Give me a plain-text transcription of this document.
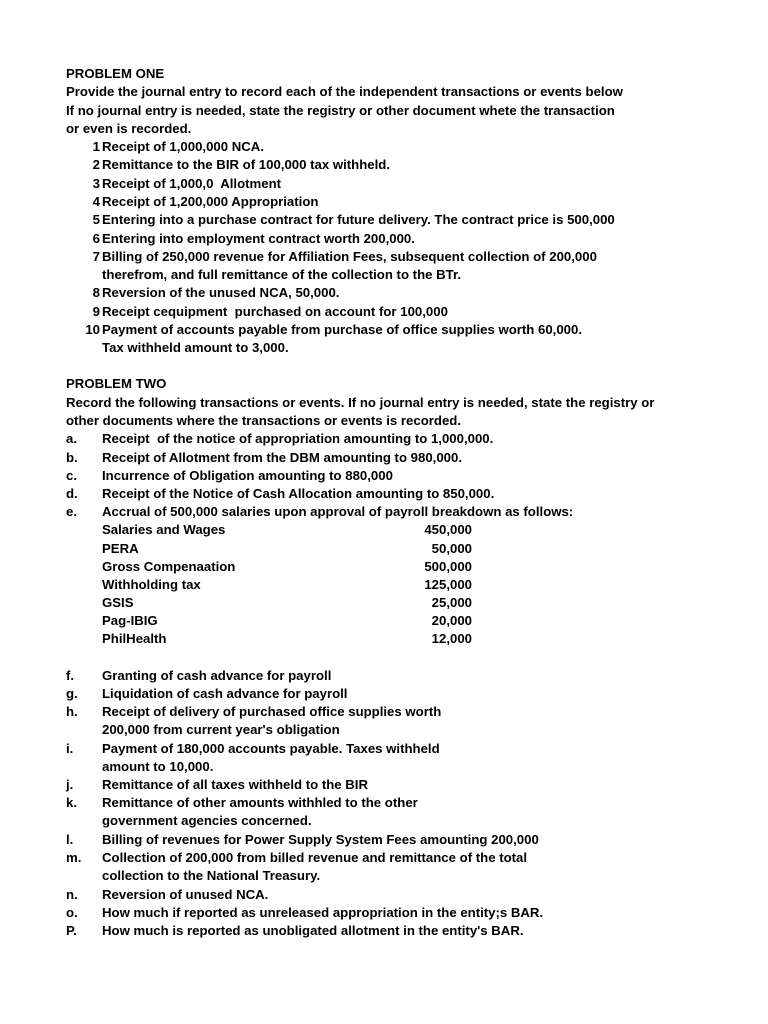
PROBLEM ONE
Provide the journal entry to record each of the independent transactions or events below
If no journal entry is needed, state the registry or other document whete the transaction
or even is recorded.
1 Receipt of 1,000,000 NCA.
2 Remittance to the BIR of 100,000 tax withheld.
3 Receipt of 1,000,0  Allotment
4 Receipt of 1,200,000 Appropriation
5 Entering into a purchase contract for future delivery. The contract price is 500,000
6 Entering into employment contract worth 200,000.
7 Billing of 250,000 revenue for Affiliation Fees, subsequent collection of 200,000
therefrom, and full remittance of the collection to the BTr.
8 Reversion of the unused NCA, 50,000.
9 Receipt cequipment  purchased on account for 100,000
10 Payment of accounts payable from purchase of office supplies worth 60,000.
Tax withheld amount to 3,000.
PROBLEM TWO
Record the following transactions or events. If no journal entry is needed, state the registry or
other documents where the transactions or events is recorded.
a. Receipt  of the notice of appropriation amounting to 1,000,000.
b. Receipt of Allotment from the DBM amounting to 980,000.
c. Incurrence of Obligation amounting to 880,000
d. Receipt of the Notice of Cash Allocation amounting to 850,000.
e. Accrual of 500,000 salaries upon approval of payroll breakdown as follows:
Salaries and Wages	450,000
PERA	50,000
Gross Compenaation	500,000
Withholding tax	125,000
GSIS	25,000
Pag-IBIG	20,000
PhilHealth	12,000
f. Granting of cash advance for payroll
g. Liquidation of cash advance for payroll
h. Receipt of delivery of purchased office supplies worth
200,000 from current year's obligation
i. Payment of 180,000 accounts payable. Taxes withheld
amount to 10,000.
j. Remittance of all taxes withheld to the BIR
k. Remittance of other amounts withhled to the other
government agencies concerned.
l. Billing of revenues for Power Supply System Fees amounting 200,000
m. Collection of 200,000 from billed revenue and remittance of the total
collection to the National Treasury.
n. Reversion of unused NCA.
o. How much if reported as unreleased appropriation in the entity;s BAR.
P. How much is reported as unobligated allotment in the entity's BAR.
